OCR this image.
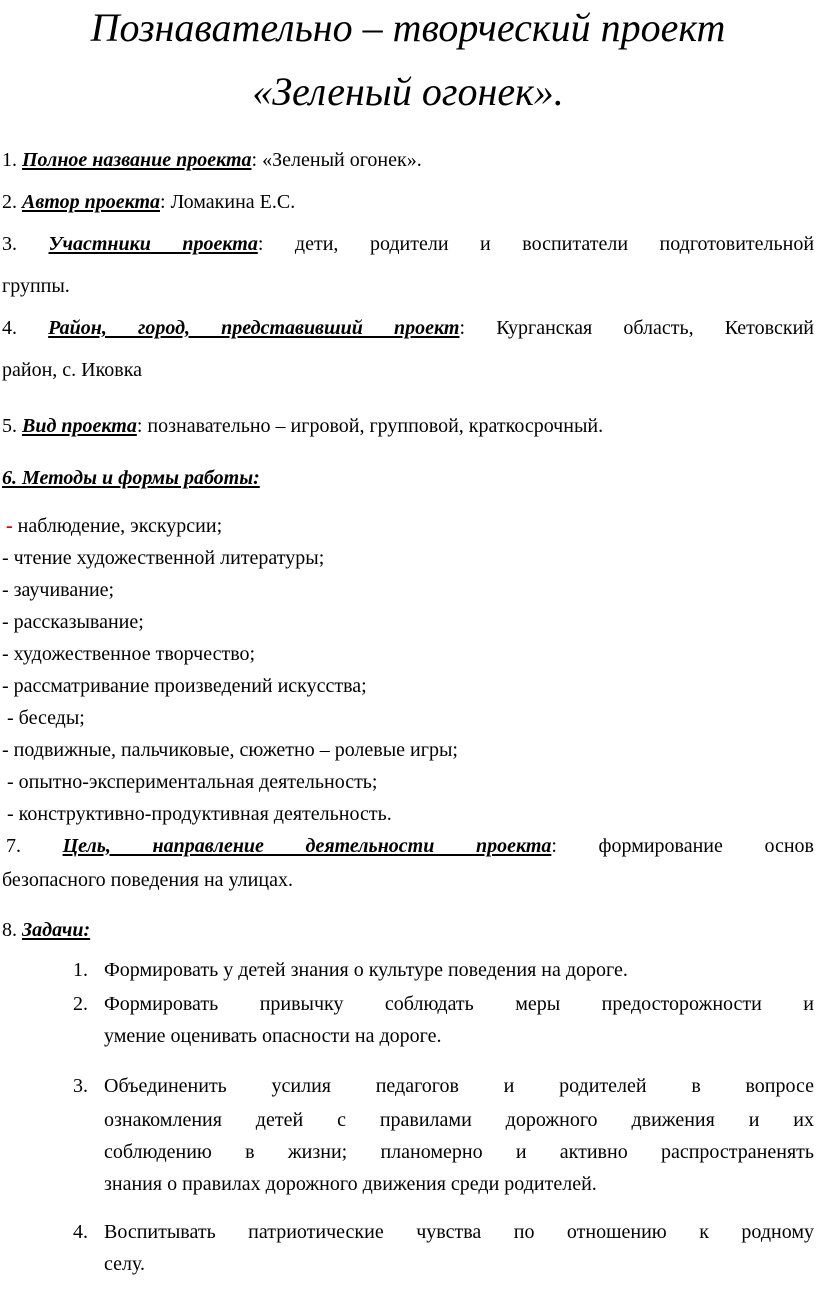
Познавательно – творческий проект
«Зеленый огонек».
1. Полное название проекта: «Зеленый огонек».
2. Автор проекта: Ломакина Е.С.
3. Участники проекта: дети, родители и воспитатели подготовительной
группы.
4. Район, город, представивший проект: Курганская область, Кетовский
район, с. Иковка
5. Вид проекта: познавательно – игровой, групповой, краткосрочный.
6. Методы и формы работы:
- наблюдение, экскурсии;
- чтение художественной литературы;
- заучивание;
- рассказывание;
- художественное творчество;
- рассматривание произведений искусства;
- беседы;
- подвижные, пальчиковые, сюжетно – ролевые игры;
- опытно-экспериментальная деятельность;
- конструктивно-продуктивная деятельность.
7. Цель, направление деятельности проекта: формирование основ
безопасного поведения на улицах.
8. Задачи:
1. Формировать у детей знания о культуре поведения на дороге.
2. Формировать привычку соблюдать меры предосторожности и
умение оценивать опасности на дороге.
3. Объединенить усилия педагогов и родителей в вопросе
ознакомления детей с правилами дорожного движения и их
соблюдению в жизни; планомерно и активно распространенять
знания о правилах дорожного движения среди родителей.
4. Воспитывать патриотические чувства по отношению к родному
селу.
